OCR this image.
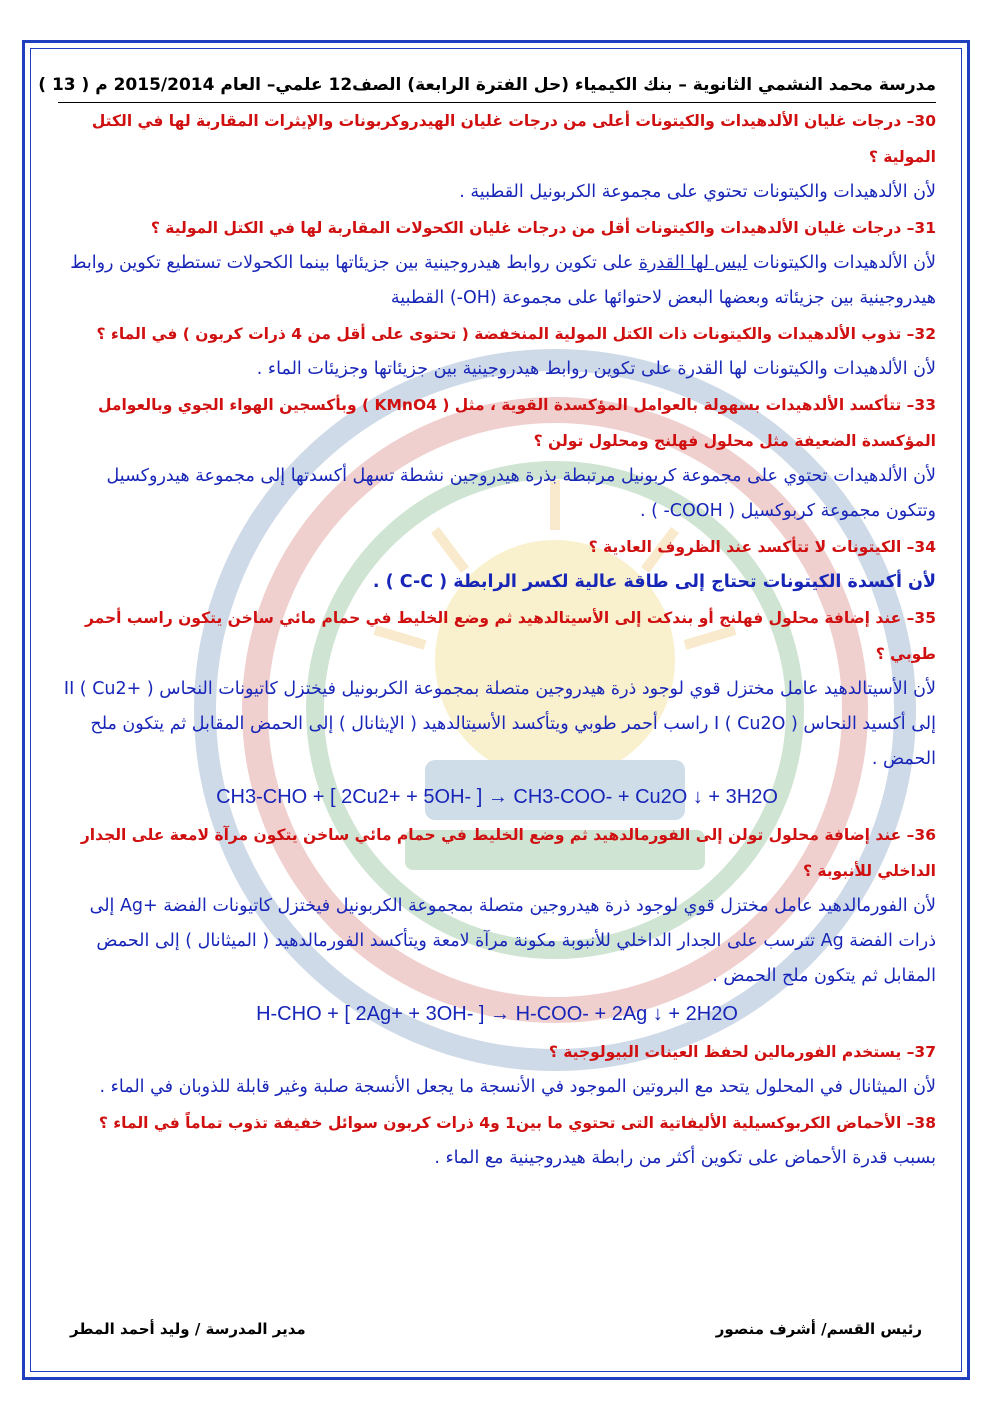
مدرسة محمد النشمي الثانوية – بنك الكيمياء (حل الفترة الرابعة) الصف12 علمي– العام 2015/2014 م ( 13 )

30– درجات غليان الألدهيدات والكيتونات أعلى من درجات غليان الهيدروكربونات والإيثرات المقاربة لها في الكتل المولية ؟

لأن الألدهيدات والكيتونات تحتوي على مجموعة الكربونيل القطبية .

31– درجات غليان الألدهيدات والكيتونات أقل من درجات غليان الكحولات المقاربة لها في الكتل المولية ؟

لأن الألدهيدات والكيتونات ليس لها القدرة على تكوين روابط هيدروجينية بين جزيئاتها بينما الكحولات تستطيع تكوين روابط هيدروجينية بين جزيئاته وبعضها البعض لاحتوائها على مجموعة (OH-) القطبية

32– تذوب الألدهيدات والكيتونات ذات الكتل المولية المنخفضة ( تحتوى على أقل من 4 ذرات كربون ) في الماء ؟

لأن الألدهيدات والكيتونات لها القدرة على تكوين روابط هيدروجينية بين جزيئاتها وجزيئات الماء .

33– تتأكسد الألدهيدات بسهولة بالعوامل المؤكسدة القوية ، مثل ( KMnO4 ) وبأكسجين الهواء الجوي وبالعوامل المؤكسدة الضعيفة مثل محلول فهلنج ومحلول تولن ؟

لأن الألدهيدات تحتوي على مجموعة كربونيل مرتبطة بذرة هيدروجين نشطة تسهل أكسدتها إلى مجموعة هيدروكسيل وتتكون مجموعة كربوكسيل ( COOH- ) .

34– الكيتونات لا تتأكسد عند الظروف العادية ؟

لأن أكسدة الكيتونات تحتاج إلى طاقة عالية لكسر الرابطة ( C-C ) .

35– عند إضافة محلول فهلنج أو بندكت إلى الأسيتالدهيد ثم وضع الخليط في حمام مائي ساخن يتكون راسب أحمر طوبي ؟

لأن الأسيتالدهيد عامل مختزل قوي لوجود ذرة هيدروجين متصلة بمجموعة الكربونيل فيختزل كاتيونات النحاس II ( Cu2+ ) إلى أكسيد النحاس I ( Cu2O ) راسب أحمر طوبي ويتأكسد الأسيتالدهيد ( الإيثانال ) إلى الحمض المقابل ثم يتكون ملح الحمض .

CH3-CHO + [ 2Cu2+ + 5OH- ] → CH3-COO- + Cu2O ↓ + 3H2O

36– عند إضافة محلول تولن إلى الفورمالدهيد ثم وضع الخليط في حمام مائي ساخن يتكون مرآة لامعة على الجدار الداخلي للأنبوبة ؟

لأن الفورمالدهيد عامل مختزل قوي لوجود ذرة هيدروجين متصلة بمجموعة الكربونيل فيختزل كاتيونات الفضة +Ag إلى ذرات الفضة Ag تترسب على الجدار الداخلي للأنبوبة مكونة مرآة لامعة ويتأكسد الفورمالدهيد ( الميثانال ) إلى الحمض المقابل ثم يتكون ملح الحمض .

H-CHO + [ 2Ag+ + 3OH- ] → H-COO- + 2Ag ↓ + 2H2O

37– يستخدم الفورمالين لحفظ العينات البيولوجية ؟

لأن الميثانال في المحلول يتحد مع البروتين الموجود في الأنسجة ما يجعل الأنسجة صلبة وغير قابلة للذوبان في الماء .

38– الأحماض الكربوكسيلية الأليفاتية التى تحتوي ما بين1 و4 ذرات كربون سوائل خفيفة تذوب تماماً في الماء ؟

بسبب قدرة الأحماض على تكوين أكثر من رابطة هيدروجينية مع الماء .

رئيس القسم/ أشرف منصور
مدير المدرسة / وليد أحمد المطر
